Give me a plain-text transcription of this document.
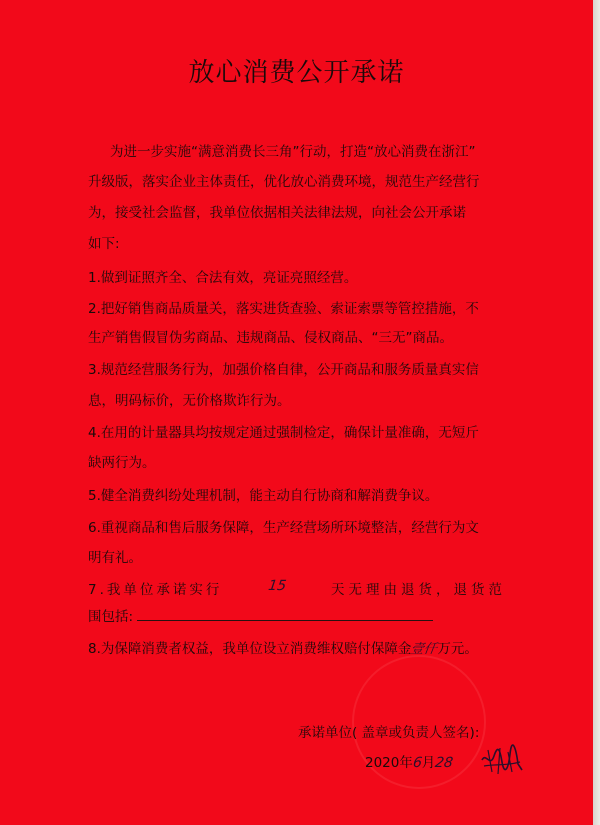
放心消费公开承诺
为进一步实施“满意消费长三角”行动，打造“放心消费在浙江”
升级版，落实企业主体责任，优化放心消费环境，规范生产经营行
为，接受社会监督，我单位依据相关法律法规，向社会公开承诺
如下:
1.做到证照齐全、合法有效，亮证亮照经营。
2.把好销售商品质量关，落实进货查验、索证索票等管控措施，不
生产销售假冒伪劣商品、违规商品、侵权商品、“三无”商品。
3.规范经营服务行为，加强价格自律，公开商品和服务质量真实信
息，明码标价，无价格欺诈行为。
4.在用的计量器具均按规定通过强制检定，确保计量准确，无短斤
缺两行为。
5.健全消费纠纷处理机制，能主动自行协商和解消费争议。
6.重视商品和售后服务保障，生产经营场所环境整洁，经营行为文
明有礼。
7.我单位承诺实行	15	天无理由退货，退货范
围包括:
8.为保障消费者权益，我单位设立消费维权赔付保障金壹仟万元。
承诺单位( 盖章或负责人签名):
2020年6月28
